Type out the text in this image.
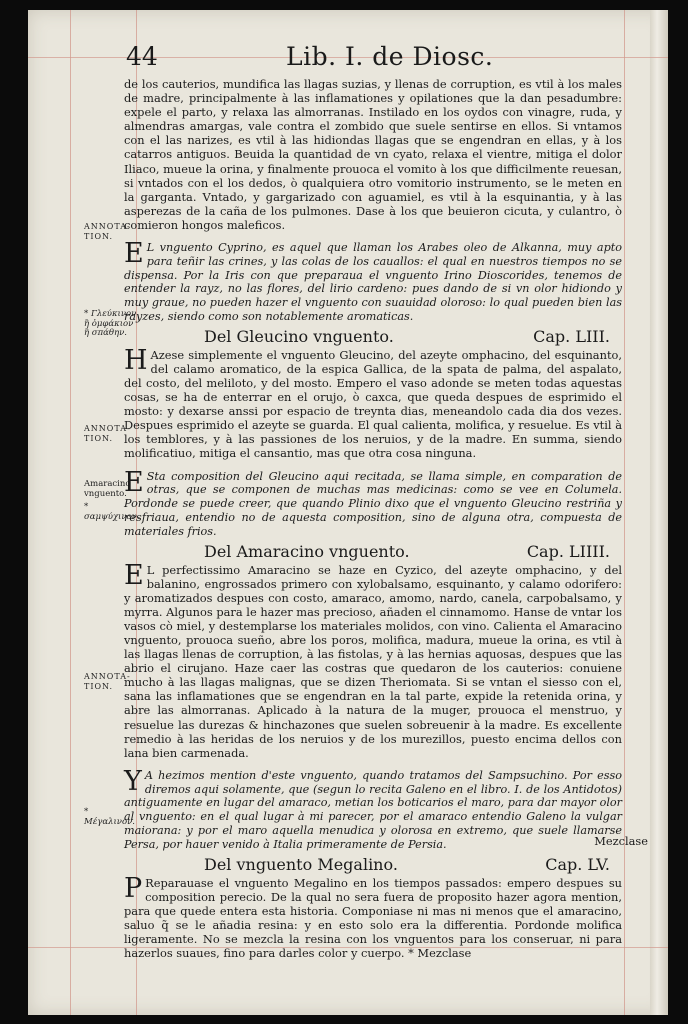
44	Lib. I. de Diosc.
ANNOTA-TION.
* Γλεύκινον ἢ ὀμφάκιον ἢ σπάθην.
ANNOTA-TION.
Amaracino vnguento.
* σαμψύχινον.
ANNOTA-TION.
* Μέγαλινον.

de los cauterios, mundifica las llagas suzias, y llenas de corruption, es vtil à los males de madre, principalmente à las inflamationes y opilationes que la dan pesadumbre: expele el parto, y relaxa las almorranas. Instilado en los oydos con vinagre, ruda, y almendras amargas, vale contra el zombido que suele sentirse en ellos. Si vntamos con el las narizes, es vtil à las hidiondas llagas que se engendran en ellas, y à los catarros antiguos. Beuida la quantidad de vn cyato, relaxa el vientre, mitiga el dolor Iliaco, mueue la orina, y finalmente prouoca el vomito à los que difficilmente reuesan, si vntados con el los dedos, ò qualquiera otro vomitorio instrumento, se le meten en la garganta. Vntado, y gargarizado con aguamiel, es vtil à la esquinantia, y à las asperezas de la caña de los pulmones. Dase à los que beuieron cicuta, y culantro, ò comieron hongos maleficos.

E L vnguento Cyprino, es aquel que llaman los Arabes oleo de Alkanna, muy apto para teñir las crines, y las colas de los cauallos: el qual en nuestros tiempos no se dispensa. Por la Iris con que preparaua el vnguento Irino Dioscorides, tenemos de entender la rayz, no las flores, del lirio cardeno: pues dando de si vn olor hidiondo y muy graue, no pueden hazer el vnguento con suauidad oloroso: lo qual pueden bien las rayzes, siendo como son notablemente aromaticas.

Del Gleucino vnguento.	Cap. LIII.

H Azese simplemente el vnguento Gleucino, del azeyte omphacino, del esquinanto, del calamo aromatico, de la espica Gallica, de la spata de palma, del aspalato, del costo, del meliloto, y del mosto. Empero el vaso adonde se meten todas aquestas cosas, se ha de enterrar en el orujo, ò caxca, que queda despues de esprimido el mosto: y dexarse anssi por espacio de treynta dias, meneandolo cada dia dos vezes. Despues esprimido el azeyte se guarda. El qual calienta, molifica, y resuelue. Es vtil à los temblores, y à las passiones de los neruios, y de la madre. En summa, siendo molificatiuo, mitiga el cansantio, mas que otra cosa ninguna.

E Sta composition del Gleucino aqui recitada, se llama simple, en comparation de otras, que se componen de muchas mas medicinas: como se vee en Columela. Pordonde se puede creer, que quando Plinio dixo que el vnguento Gleucino restriña y resfriaua, entendio no de aquesta composition, sino de alguna otra, compuesta de materiales frios.

Del Amaracino vnguento.	Cap. LIIII.

E L perfectissimo Amaracino se haze en Cyzico, del azeyte omphacino, y del balanino, engrossados primero con xylobalsamo, esquinanto, y calamo odorifero: y aromatizados despues con costo, amaraco, amomo, nardo, canela, carpobalsamo, y myrra. Algunos para le hazer mas precioso, añaden el cinnamomo. Hanse de vntar los vasos cò miel, y destemplarse los materiales molidos, con vino. Calienta el Amaracino vnguento, prouoca sueño, abre los poros, molifica, madura, mueue la orina, es vtil à las llagas llenas de corruption, à las fistolas, y à las hernias aquosas, despues que las abrio el cirujano. Haze caer las costras que quedaron de los cauterios: conuiene mucho à las llagas malignas, que se dizen Theriomata. Si se vntan el siesso con el, sana las inflamationes que se engendran en la tal parte, expide la retenida orina, y abre las almorranas. Aplicado à la natura de la muger, prouoca el menstruo, y resuelue las durezas & hinchazones que suelen sobreuenir à la madre. Es excellente remedio à las heridas de los neruios y de los murezillos, puesto encima dellos con lana bien carmenada.

Y A hezimos mention d'este vnguento, quando tratamos del Sampsuchino. Por esso diremos aqui solamente, que (segun lo recita Galeno en el libro. I. de los Antidotos) antiguamente en lugar del amaraco, metian los boticarios el maro, para dar mayor olor al vnguento: en el qual lugar à mi parecer, por el amaraco entendio Galeno la vulgar maiorana: y por el maro aquella menudica y olorosa en extremo, que suele llamarse Persa, por hauer venido à Italia primeramente de Persia.

Del vnguento Megalino.	Cap. LV.

P Reparauase el vnguento Megalino en los tiempos passados: empero despues su composition perecio. De la qual no sera fuera de proposito hazer agora mention, para que quede entera esta historia. Componiase ni mas ni menos que el amaracino, saluo q̃ se le añadia resina: y en esto solo era la differentia. Pordonde molifica ligeramente. No se mezcla la resina con los vnguentos para los conseruar, ni para hazerlos suaues, fino para darles color y cuerpo. * Mezclase

Mezclase
